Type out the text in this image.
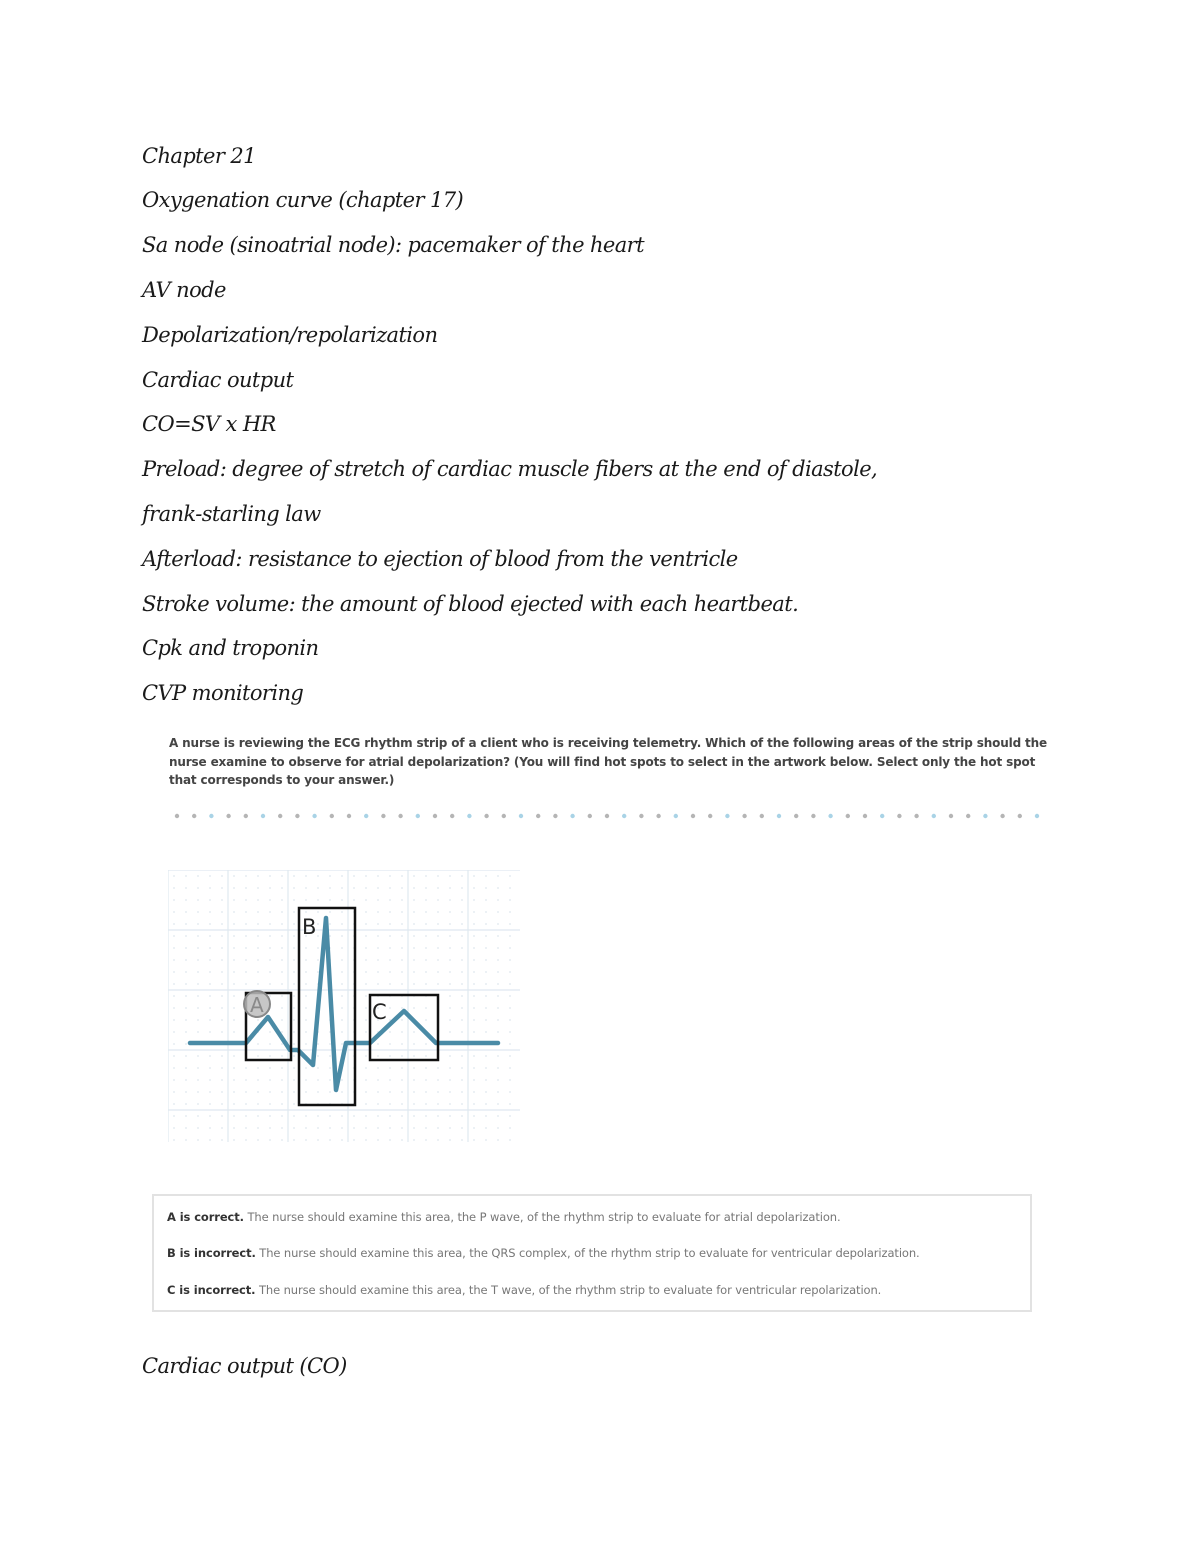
Chapter 21

Oxygenation curve (chapter 17)

Sa node (sinoatrial node): pacemaker of the heart

AV node

Depolarization/repolarization

Cardiac output

CO=SV x HR

Preload: degree of stretch of cardiac muscle fibers at the end of diastole,

frank-starling law

Afterload: resistance to ejection of blood from the ventricle

Stroke volume: the amount of blood ejected with each heartbeat.

Cpk and troponin

CVP monitoring

A nurse is reviewing the ECG rhythm strip of a client who is receiving telemetry. Which of the following areas of the strip should the nurse examine to observe for atrial depolarization? (You will find hot spots to select in the artwork below. Select only the hot spot that corresponds to your answer.)

A
B
C
A is correct. The nurse should examine this area, the P wave, of the rhythm strip to evaluate for atrial depolarization.
B is incorrect. The nurse should examine this area, the QRS complex, of the rhythm strip to evaluate for ventricular depolarization.
C is incorrect. The nurse should examine this area, the T wave, of the rhythm strip to evaluate for ventricular repolarization.

Cardiac output (CO)
